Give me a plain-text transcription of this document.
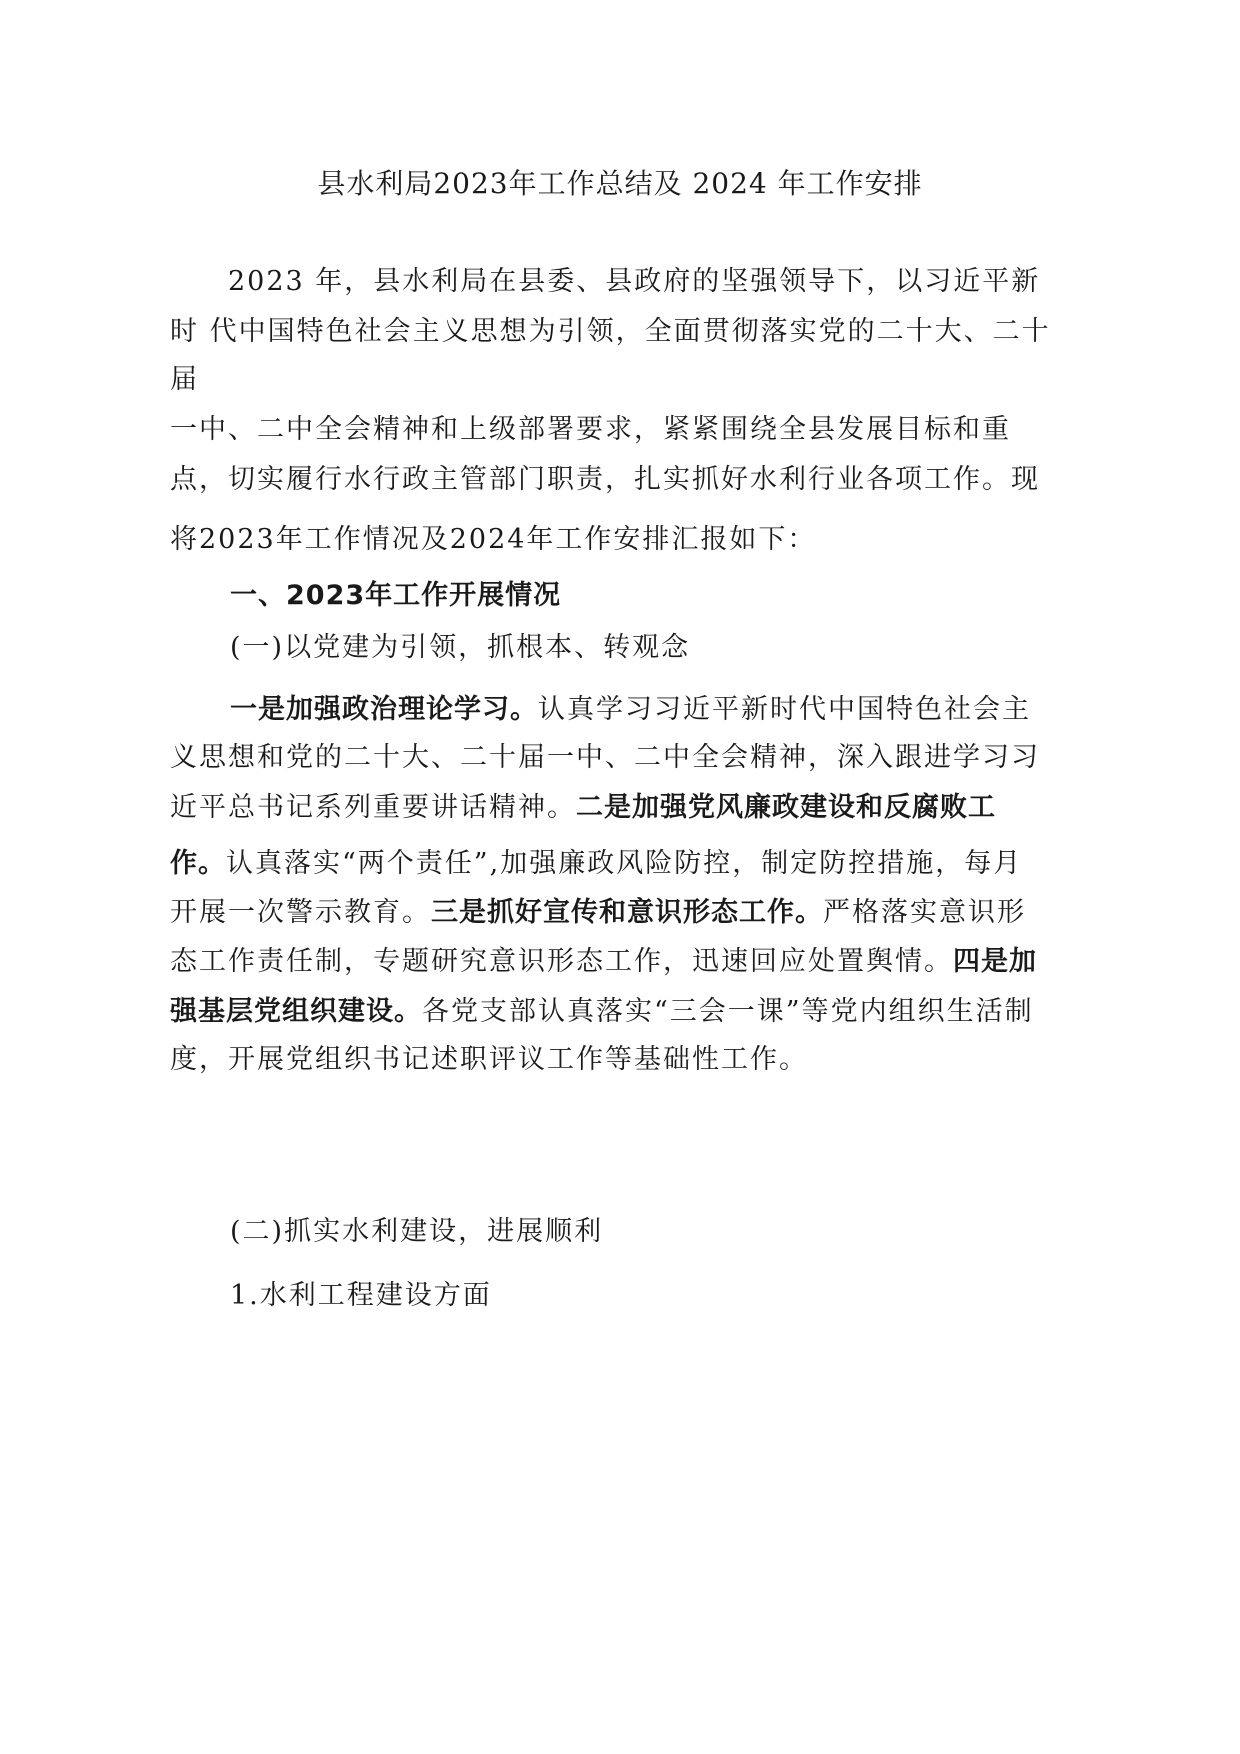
县水利局2023年工作总结及 2024 年工作安排
2023 年，县水利局在县委、县政府的坚强领导下，以习近平新
时 代中国特色社会主义思想为引领，全面贯彻落实党的二十大、二十
届
一中、二中全会精神和上级部署要求，紧紧围绕全县发展目标和重
点，切实履行水行政主管部门职责，扎实抓好水利行业各项工作。现
将2023年工作情况及2024年工作安排汇报如下：
一、2023年工作开展情况
(一)以党建为引领，抓根本、转观念
一是加强政治理论学习。认真学习习近平新时代中国特色社会主
义思想和党的二十大、二十届一中、二中全会精神，深入跟进学习习
近平总书记系列重要讲话精神。二是加强党风廉政建设和反腐败工
作。认真落实“两个责任”,加强廉政风险防控，制定防控措施，每月
开展一次警示教育。三是抓好宣传和意识形态工作。严格落实意识形
态工作责任制，专题研究意识形态工作，迅速回应处置舆情。四是加
强基层党组织建设。各党支部认真落实“三会一课”等党内组织生活制
度，开展党组织书记述职评议工作等基础性工作。
(二)抓实水利建设，进展顺利
1.水利工程建设方面
